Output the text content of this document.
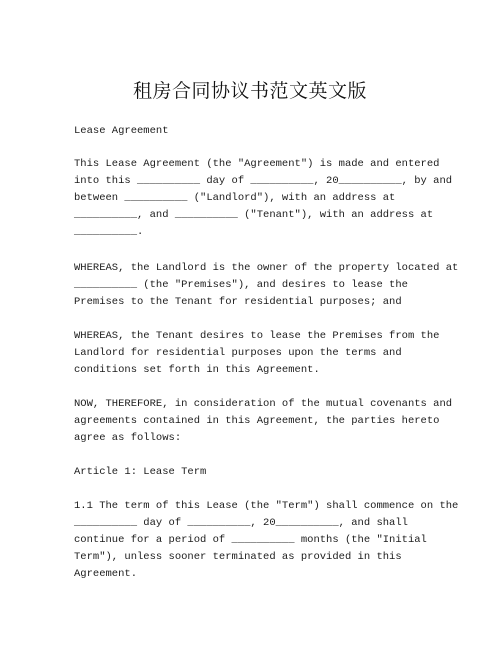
租房合同协议书范文英文版
Lease Agreement
This Lease Agreement (the "Agreement") is made and entered
into this __________ day of __________, 20__________, by and
between __________ ("Landlord"), with an address at
__________, and __________ ("Tenant"), with an address at
__________.
WHEREAS, the Landlord is the owner of the property located at
__________ (the "Premises"), and desires to lease the
Premises to the Tenant for residential purposes; and
WHEREAS, the Tenant desires to lease the Premises from the
Landlord for residential purposes upon the terms and
conditions set forth in this Agreement.
NOW, THEREFORE, in consideration of the mutual covenants and
agreements contained in this Agreement, the parties hereto
agree as follows:
Article 1: Lease Term
1.1 The term of this Lease (the "Term") shall commence on the
__________ day of __________, 20__________, and shall
continue for a period of __________ months (the "Initial
Term"), unless sooner terminated as provided in this
Agreement.
